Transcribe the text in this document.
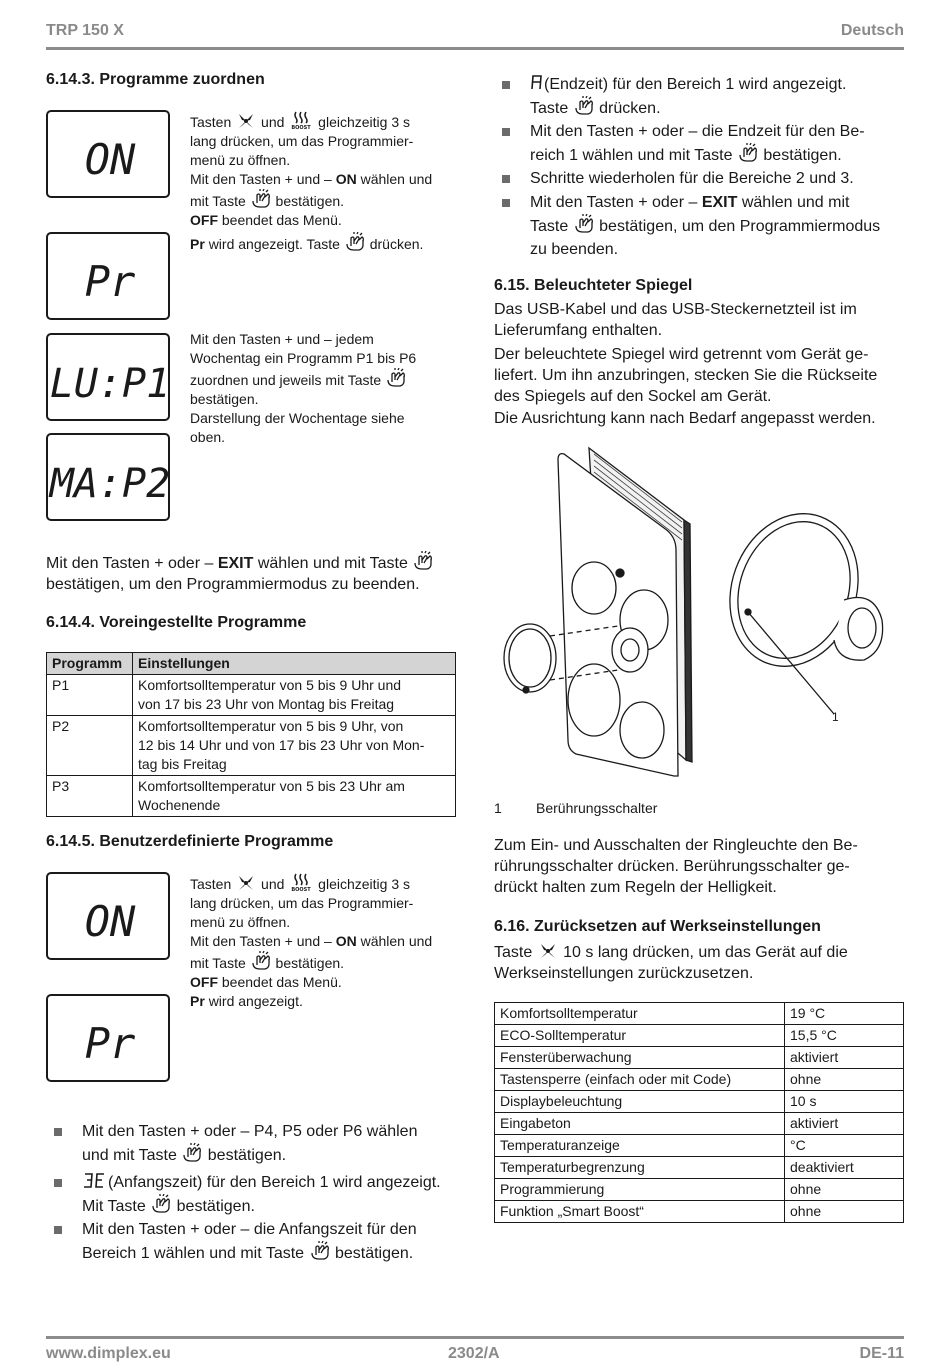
TRP 150 X	Deutsch
6.14.3. Programme zuordnen
ON
Pr
LU:P1
MA:P2
Tasten und BOOST gleichzeitig 3 s
lang drücken, um das Programmier-
menü zu öffnen.
Mit den Tasten + und – ON wählen und
mit Taste bestätigen.
OFF beendet das Menü.
Pr wird angezeigt. Taste drücken.
Mit den Tasten + und – jedem
Wochentag ein Programm P1 bis P6
zuordnen und jeweils mit Taste
bestätigen.
Darstellung der Wochentage siehe
oben.
Mit den Tasten + oder – EXIT wählen und mit Taste
bestätigen, um den Programmiermodus zu beenden.
6.14.4. Voreingestellte Programme
Programm	Einstellungen
P1	Komfortsolltemperatur von 5 bis 9 Uhr und
von 17 bis 23 Uhr von Montag bis Freitag

P2	Komfortsolltemperatur von 5 bis 9 Uhr, von
12 bis 14 Uhr und von 17 bis 23 Uhr von Mon-
tag bis Freitag

P3	Komfortsolltemperatur von 5 bis 23 Uhr am
Wochenende
6.14.5. Benutzerdefinierte Programme
ON
Pr
Tasten und BOOST gleichzeitig 3 s
lang drücken, um das Programmier-
menü zu öffnen.
Mit den Tasten + und – ON wählen und
mit Taste bestätigen.
OFF beendet das Menü.
Pr wird angezeigt.
Mit den Tasten + oder – P4, P5 oder P6 wählen
und mit Taste bestätigen.
(Anfangszeit) für den Bereich 1 wird angezeigt.
Mit Taste bestätigen.
Mit den Tasten + oder – die Anfangszeit für den
Bereich 1 wählen und mit Taste bestätigen.
(Endzeit) für den Bereich 1 wird angezeigt.
Taste drücken.
Mit den Tasten + oder – die Endzeit für den Be-
reich 1 wählen und mit Taste bestätigen.
Schritte wiederholen für die Bereiche 2 und 3.
Mit den Tasten + oder – EXIT wählen und mit
Taste bestätigen, um den Programmiermodus
zu beenden.
6.15. Beleuchteter Spiegel
Das USB-Kabel und das USB-Steckernetzteil ist im
Lieferumfang enthalten.
Der beleuchtete Spiegel wird getrennt vom Gerät ge-
liefert. Um ihn anzubringen, stecken Sie die Rückseite
des Spiegels auf den Sockel am Gerät.
Die Ausrichtung kann nach Bedarf angepasst werden.
1
1 Berührungsschalter
Zum Ein- und Ausschalten der Ringleuchte den Be-
rührungsschalter drücken. Berührungsschalter ge-
drückt halten zum Regeln der Helligkeit.
6.16. Zurücksetzen auf Werkseinstellungen
Taste 10 s lang drücken, um das Gerät auf die
Werkseinstellungen zurückzusetzen.
Komfortsolltemperatur	19 °C
ECO-Solltemperatur	15,5 °C
Fensterüberwachung	aktiviert
Tastensperre (einfach oder mit Code)	ohne
Displaybeleuchtung	10 s
Eingabeton	aktiviert
Temperaturanzeige	°C
Temperaturbegrenzung	deaktiviert
Programmierung	ohne
Funktion „Smart Boost“	ohne
www.dimplex.eu	2302/A	DE-11
